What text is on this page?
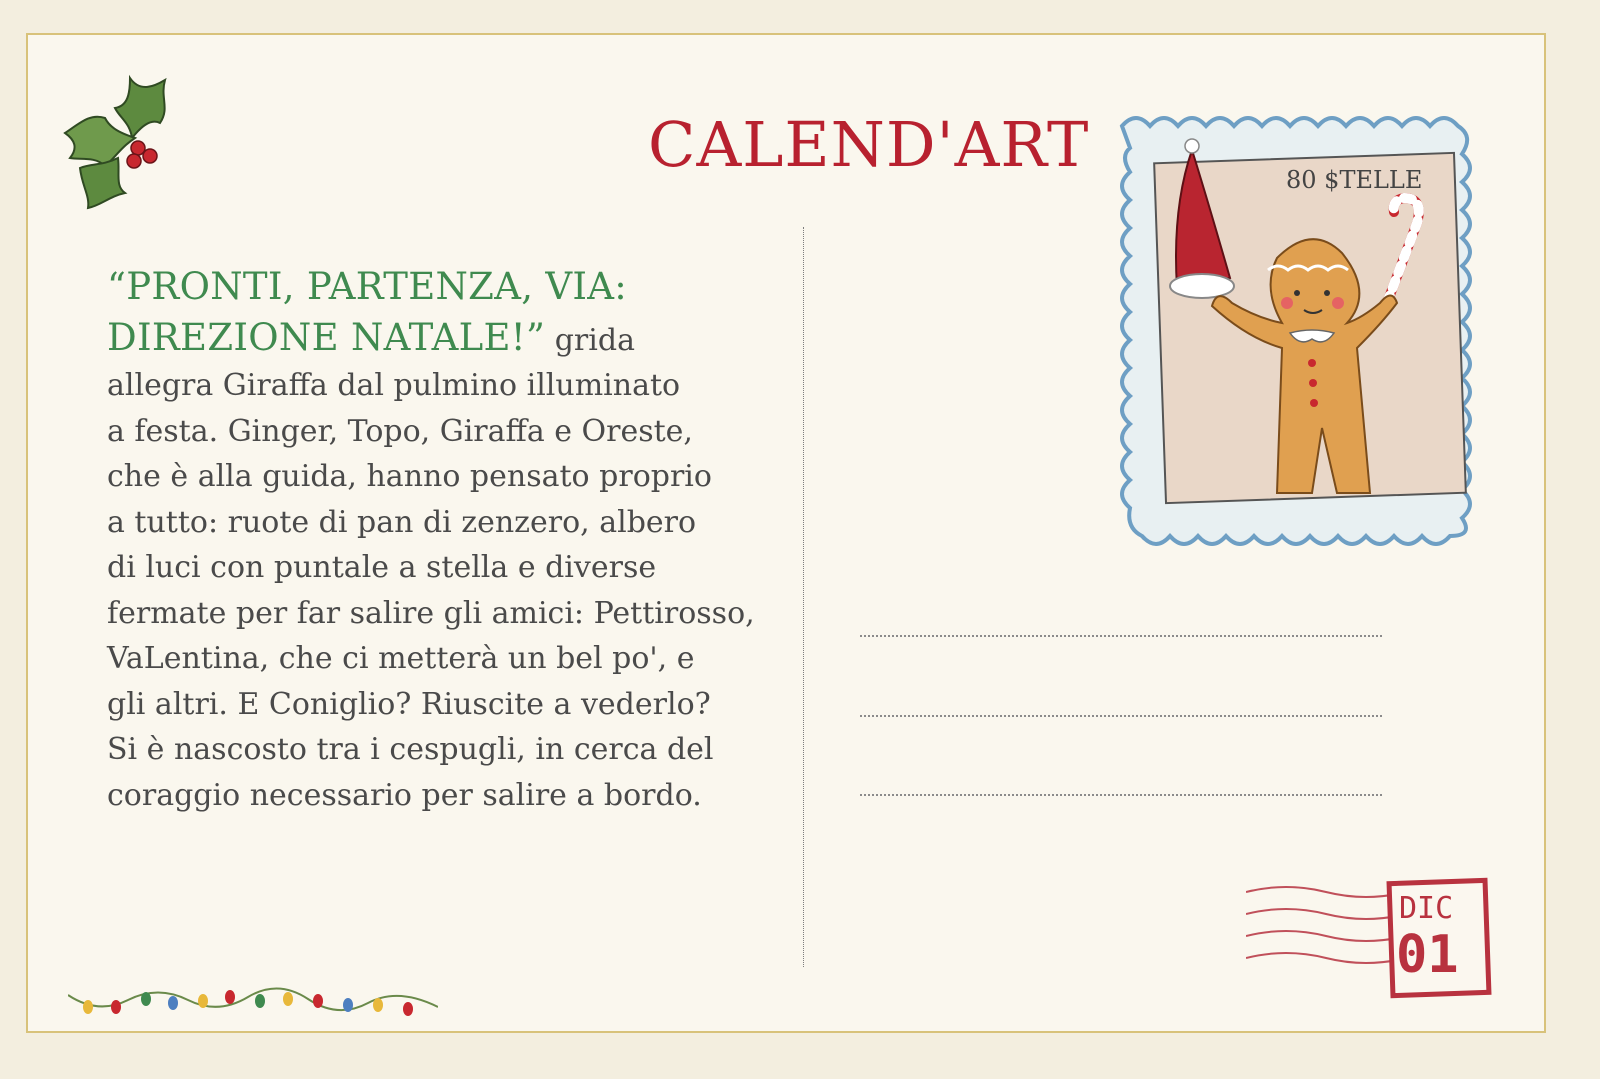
CALEND'ART
“PRONTI, PARTENZA, VIA: DIREZIONE NATALE!” grida
allegra Giraffa dal pulmino illuminato
a festa. Ginger, Topo, Giraffa e Oreste,
che è alla guida, hanno pensato proprio
a tutto: ruote di pan di zenzero, albero
di luci con puntale a stella e diverse
fermate per far salire gli amici: Pettirosso,
VaLentina, che ci metterà un bel po', e
gli altri. E Coniglio? Riuscite a vederlo?
Si è nascosto tra i cespugli, in cerca del
coraggio necessario per salire a bordo.
80 $TELLE
DIC
01
